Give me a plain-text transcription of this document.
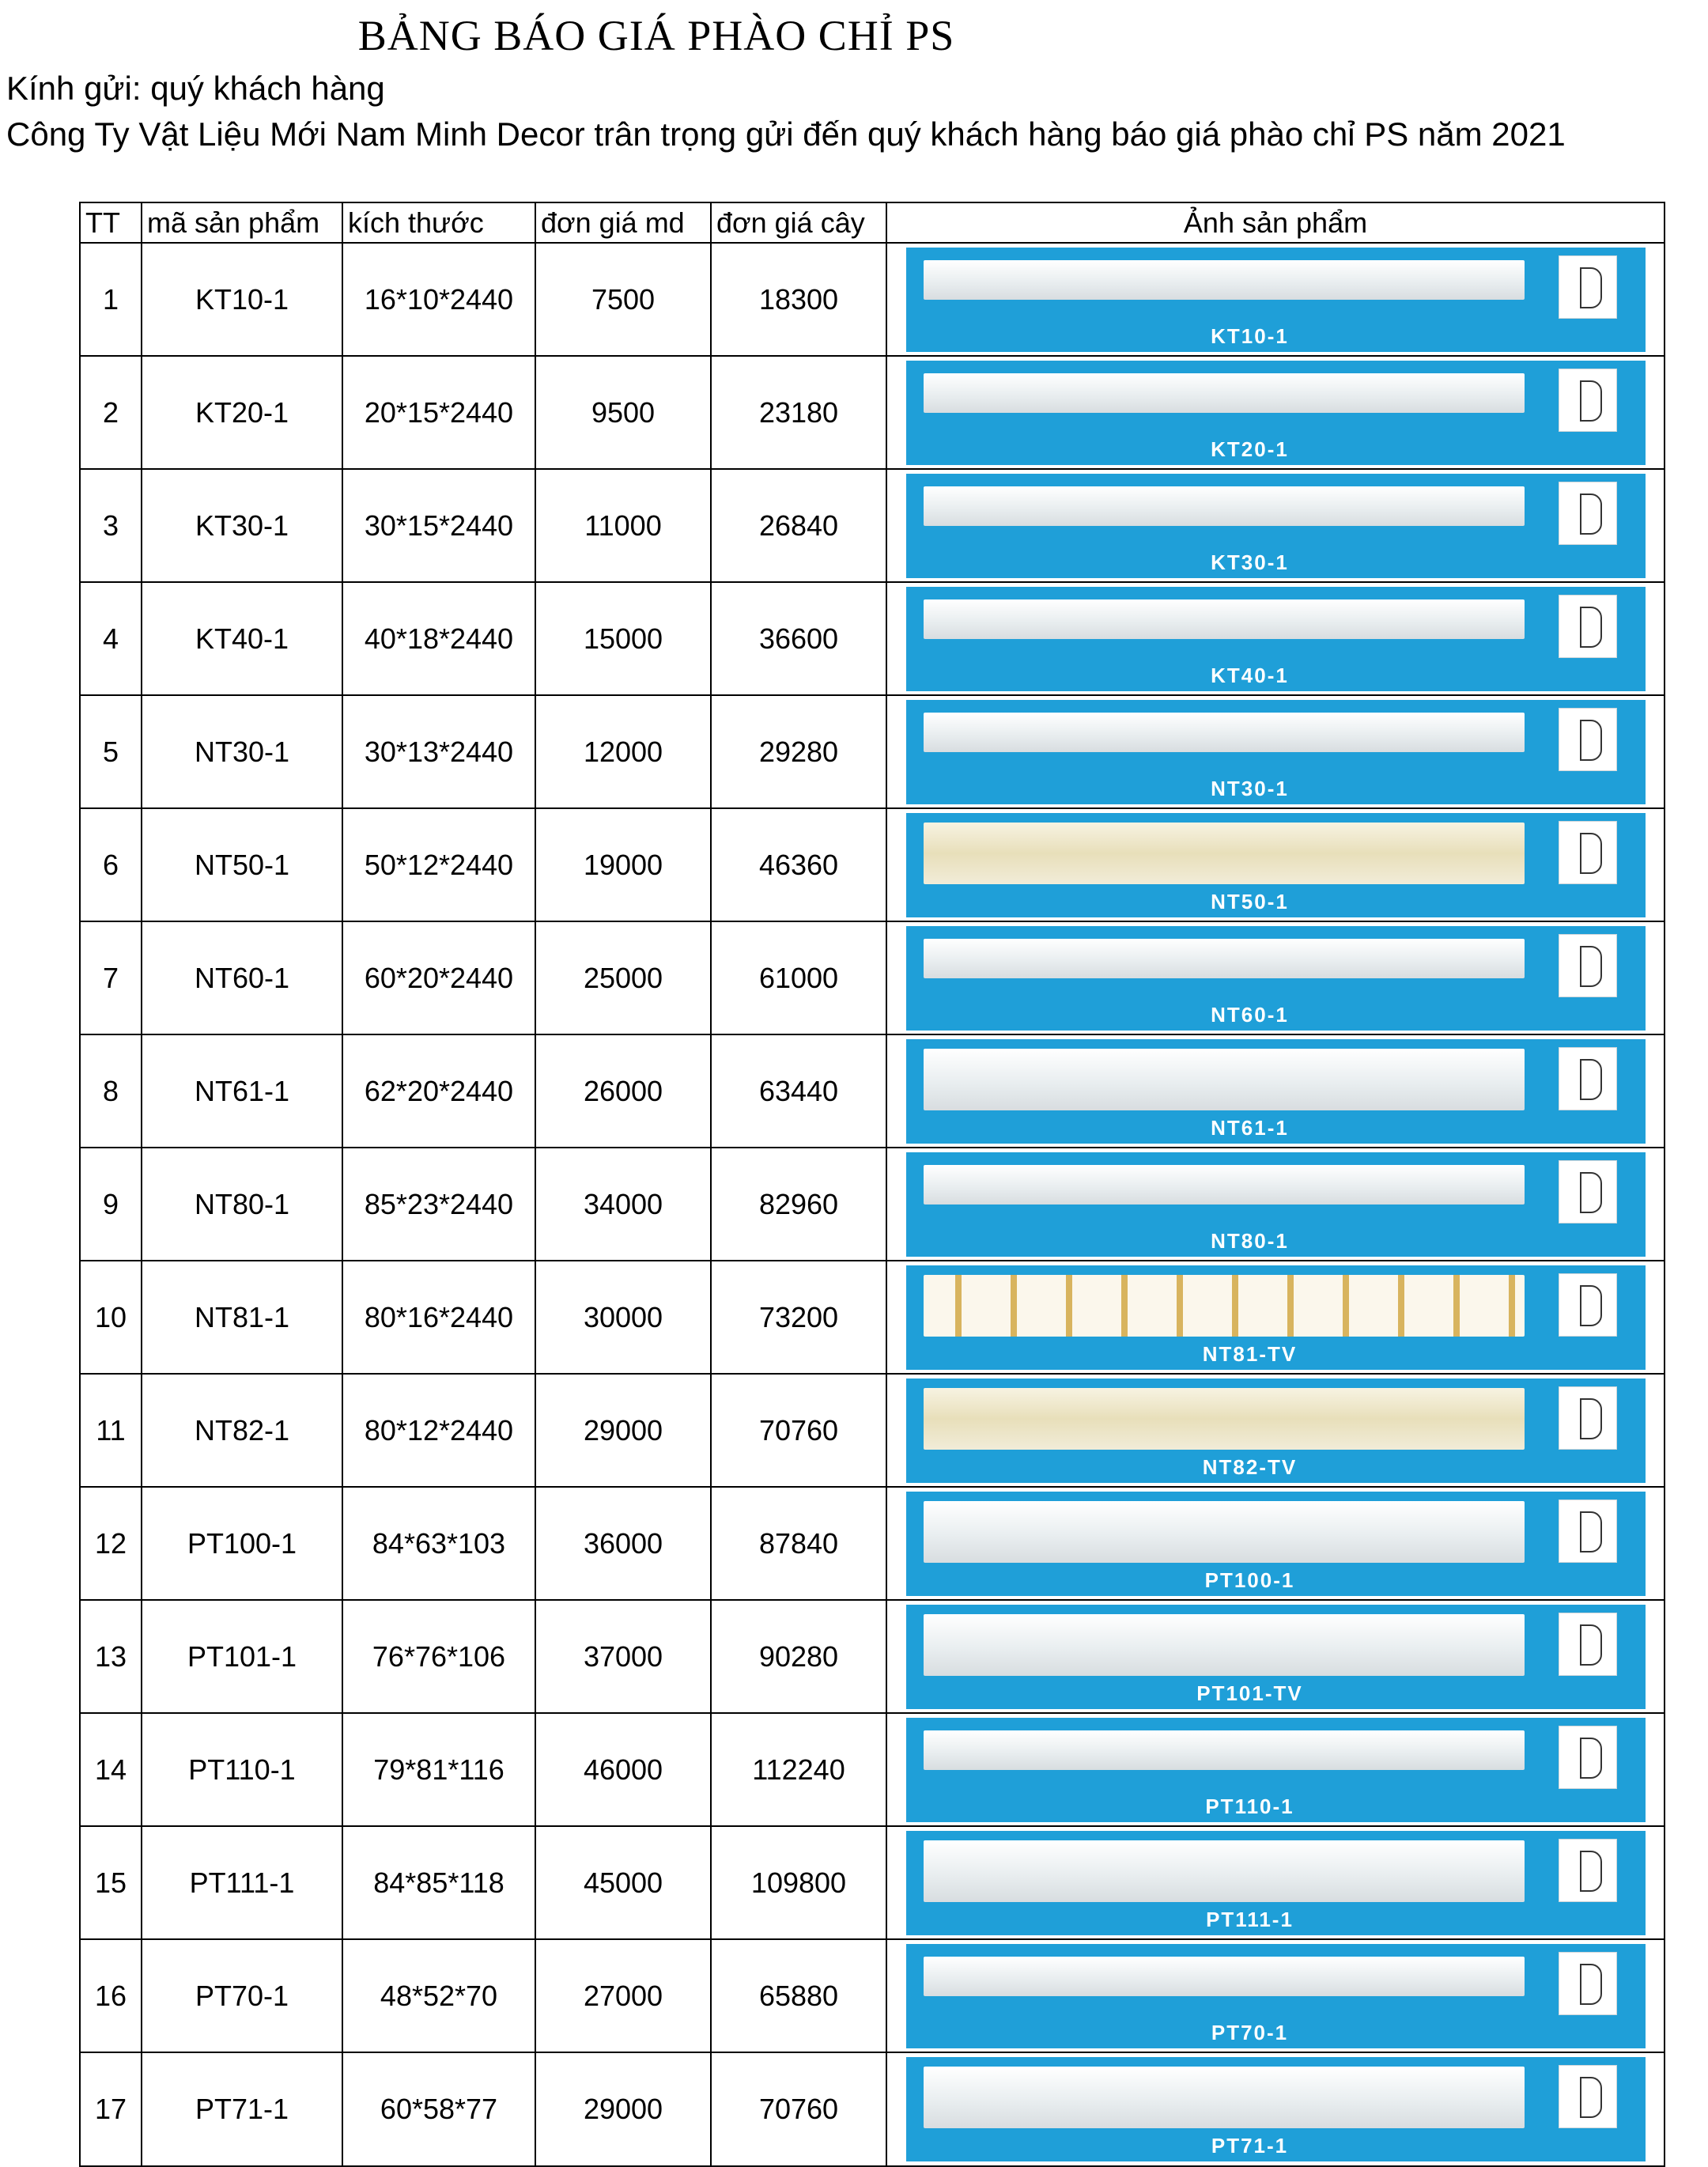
BẢNG BÁO GIÁ PHÀO CHỈ PS
Kính gửi: quý khách hàng
Công Ty Vật Liệu Mới Nam Minh Decor trân trọng gửi đến quý khách hàng báo giá phào chỉ PS năm 2021
TT	mã sản phẩm	kích thước	đơn giá md	đơn giá cây	Ảnh sản phẩm
1	KT10-1	16*10*2440	7500	18300	KT10-1

2	KT20-1	20*15*2440	9500	23180	KT20-1

3	KT30-1	30*15*2440	11000	26840	KT30-1

4	KT40-1	40*18*2440	15000	36600	KT40-1

5	NT30-1	30*13*2440	12000	29280	NT30-1

6	NT50-1	50*12*2440	19000	46360	NT50-1

7	NT60-1	60*20*2440	25000	61000	NT60-1

8	NT61-1	62*20*2440	26000	63440	NT61-1

9	NT80-1	85*23*2440	34000	82960	NT80-1

10	NT81-1	80*16*2440	30000	73200	NT81-TV

11	NT82-1	80*12*2440	29000	70760	NT82-TV

12	PT100-1	84*63*103	36000	87840	PT100-1

13	PT101-1	76*76*106	37000	90280	PT101-TV

14	PT110-1	79*81*116	46000	112240	PT110-1

15	PT111-1	84*85*118	45000	109800	PT111-1

16	PT70-1	48*52*70	27000	65880	PT70-1

17	PT71-1	60*58*77	29000	70760	PT71-1
